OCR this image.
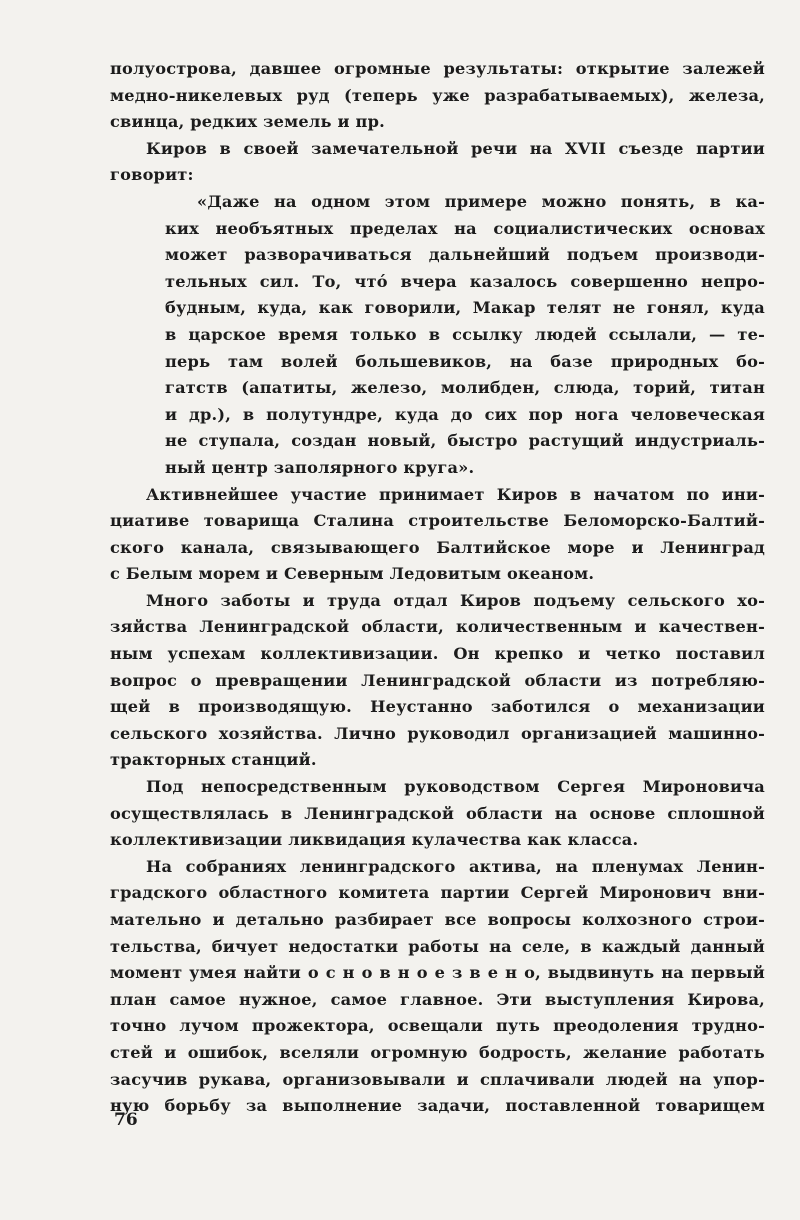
полуострова, давшее огромные результаты: открытие залежей
медно-никелевых руд (теперь уже разрабатываемых), железа,
свинца, редких земель и пр.
Киров в своей замечательной речи на XVII съезде партии
говорит:
«Даже на одном этом примере можно понять, в ка-
ких необъятных пределах на социалистических основах
может разворачиваться дальнейший подъем производи-
тельных сил. То, что́ вчера казалось совершенно непро-
будным, куда, как говорили, Макар телят не гонял, куда
в царское время только в ссылку людей ссылали, — те-
перь там волей большевиков, на базе природных бо-
гатств (апатиты, железо, молибден, слюда, торий, титан
и др.), в полутундре, куда до сих пор нога человеческая
не ступала, создан новый, быстро растущий индустриаль-
ный центр заполярного круга».
Активнейшее участие принимает Киров в начатом по ини-
циативе товарища Сталина строительстве Беломорско-Балтий-
ского канала, связывающего Балтийское море и Ленинград
с Белым морем и Северным Ледовитым океаном.
Много заботы и труда отдал Киров подъему сельского хо-
зяйства Ленинградской области, количественным и качествен-
ным успехам коллективизации. Он крепко и четко поставил
вопрос о превращении Ленинградской области из потребляю-
щей в производящую. Неустанно заботился о механизации
сельского хозяйства. Лично руководил организацией машинно-
тракторных станций.
Под непосредственным руководством Сергея Мироновича
осуществлялась в Ленинградской области на основе сплошной
коллективизации ликвидация кулачества как класса.
На собраниях ленинградского актива, на пленумах Ленин-
градского областного комитета партии Сергей Миронович вни-
мательно и детально разбирает все вопросы колхозного строи-
тельства, бичует недостатки работы на селе, в каждый данный
момент умея найти о с н о в н о е з в е н о, выдвинуть на первый
план самое нужное, самое главное. Эти выступления Кирова,
точно лучом прожектора, освещали путь преодоления трудно-
стей и ошибок, вселяли огромную бодрость, желание работать
засучив рукава, организовывали и сплачивали людей на упор-
ную борьбу за выполнение задачи, поставленной товарищем
76
